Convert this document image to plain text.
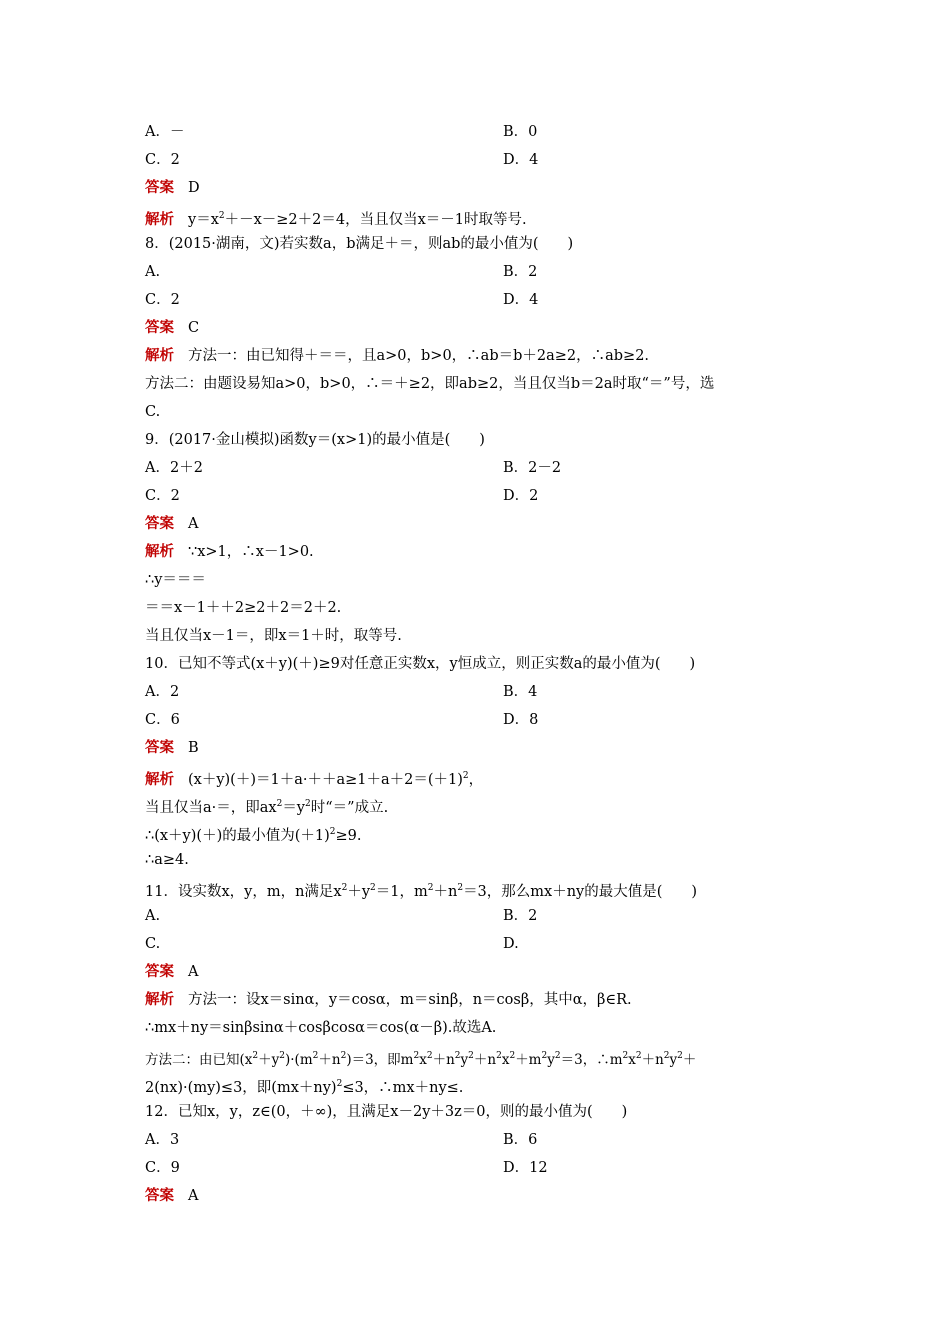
A．－	B．0
C．2	D．4
答案 D
解析 $y=x^2+-x-\ge 2+2=4$，当且仅当x＝－1时取等号.
8．(2015·湖南，文)若实数a，b满足＋＝，则ab的最小值为(　　)
A.	B．2
C．2	D．4
答案 C
解析 方法一：由已知得＋＝＝，且a>0，b>0，∴ab＝b＋2a≥2，∴ab≥2.
方法二：由题设易知a>0，b>0，∴＝＋≥2，即ab≥2，当且仅当b＝2a时取“＝”号，选
C.
9．(2017·金山模拟)函数y＝(x>1)的最小值是(　　)
A．2＋2	B．2－2
C．2	D．2
答案 A
解析 ∵x>1，∴x－1>0.
∴y＝＝＝
＝＝x－1＋＋2≥2＋2＝2＋2.
当且仅当x－1＝，即x＝1＋时，取等号.
10．已知不等式(x＋y)(＋)≥9对任意正实数x，y恒成立，则正实数a的最小值为(　　)
A．2	B．4
C．6	D．8
答案 B
解析 $(x+y)(+)=1+a\cdot++a\ge 1+a+2=(+1)^2$，
当且仅当a·＝，即$ax^2=y^2$时“＝”成立.
∴(x＋y)(＋)的最小值为$(+1)^2\ge 9$.
∴a≥4.
11．设实数x，y，m，n满足$x^2+y^2=1$，$m^2+n^2=3$，那么mx＋ny的最大值是(　　)
A.	B．2
C.	D.
答案 A
解析 方法一：设x＝sinα，y＝cosα，m＝sinβ，n＝cosβ，其中α，β∈R.
∴mx＋ny＝sinβsinα＋cosβcosα＝cos(α－β).故选A.
方法二：由已知$(x^2+y^2)\cdot(m^2+n^2)=3$，即$m^2x^2+n^2y^2+n^2x^2+m^2y^2=3$，$\therefore m^2x^2+n^2y^2+$
2(nx)·(my)≤3，即$(mx+ny)^2\le 3$，∴mx＋ny≤.
12．已知x，y，z∈(0，＋∞)，且满足x－2y＋3z＝0，则的最小值为(　　)
A．3	B．6
C．9	D．12
答案 A
